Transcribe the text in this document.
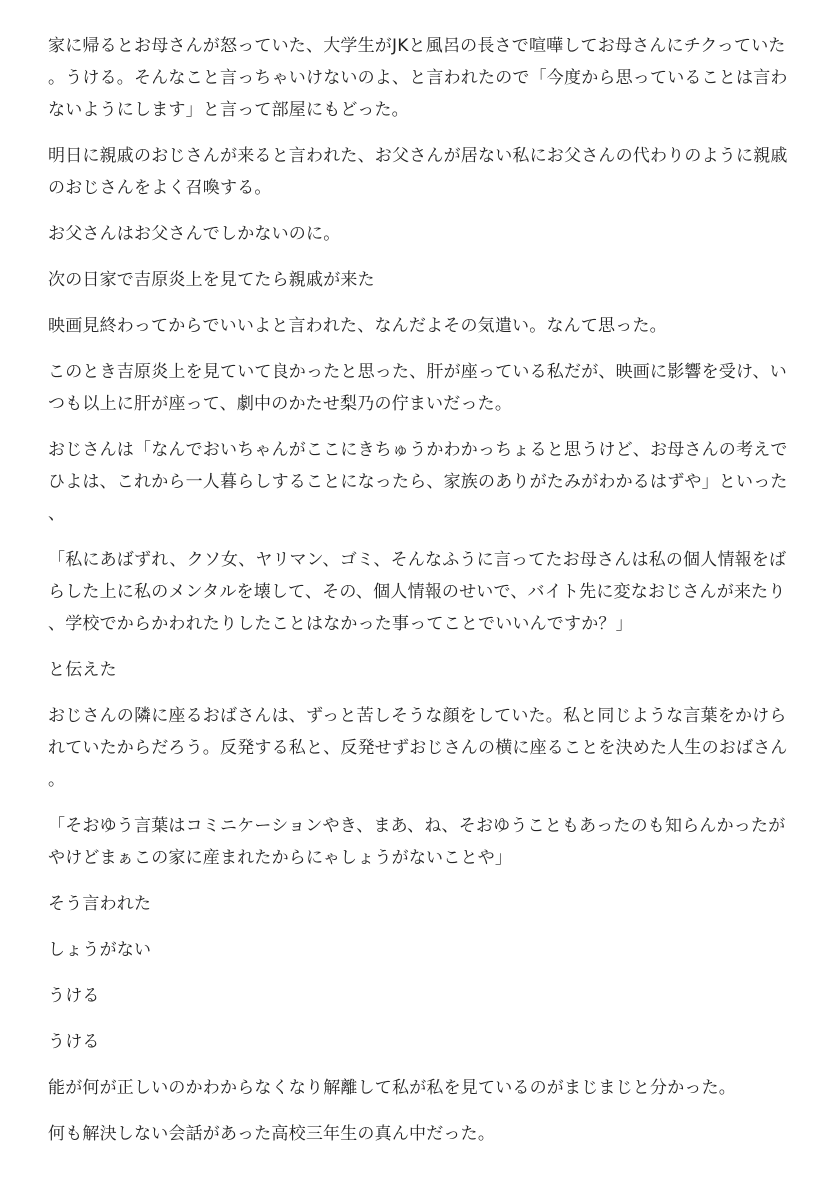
家に帰るとお母さんが怒っていた、大学生がJKと風呂の長さで喧嘩してお母さんにチクっていた。うける。そんなこと言っちゃいけないのよ、と言われたので「今度から思っていることは言わないようにします」と言って部屋にもどった。

明日に親戚のおじさんが来ると言われた、お父さんが居ない私にお父さんの代わりのように親戚のおじさんをよく召喚する。

お父さんはお父さんでしかないのに。

次の日家で吉原炎上を見てたら親戚が来た

映画見終わってからでいいよと言われた、なんだよその気遣い。なんて思った。

このとき吉原炎上を見ていて良かったと思った、肝が座っている私だが、映画に影響を受け、いつも以上に肝が座って、劇中のかたせ梨乃の佇まいだった。

おじさんは「なんでおいちゃんがここにきちゅうかわかっちょると思うけど、お母さんの考えでひよは、これから一人暮らしすることになったら、家族のありがたみがわかるはずや」といった、

「私にあばずれ、クソ女、ヤリマン、ゴミ、そんなふうに言ってたお母さんは私の個人情報をばらした上に私のメンタルを壊して、その、個人情報のせいで、バイト先に変なおじさんが来たり、学校でからかわれたりしたことはなかった事ってことでいいんですか？」

と伝えた

おじさんの隣に座るおばさんは、ずっと苦しそうな顔をしていた。私と同じような言葉をかけられていたからだろう。反発する私と、反発せずおじさんの横に座ることを決めた人生のおばさん。

「そおゆう言葉はコミニケーションやき、まあ、ね、そおゆうこともあったのも知らんかったがやけどまぁこの家に産まれたからにゃしょうがないことや」

そう言われた

しょうがない

うける

うける

能が何が正しいのかわからなくなり解離して私が私を見ているのがまじまじと分かった。

何も解決しない会話があった高校三年生の真ん中だった。
